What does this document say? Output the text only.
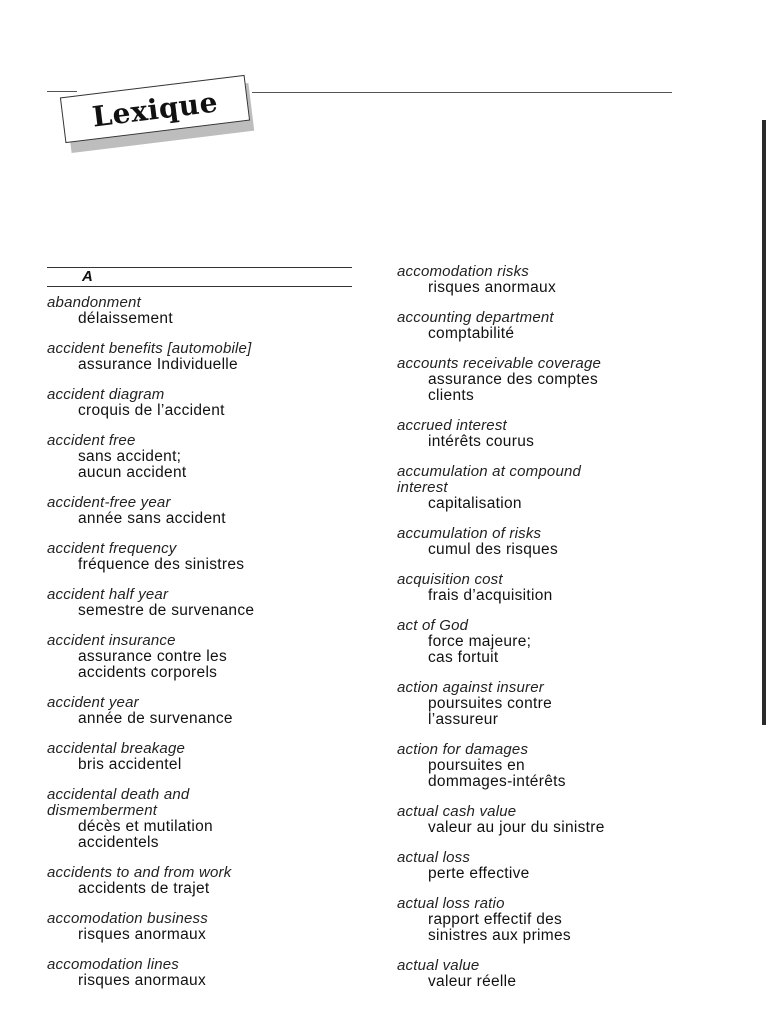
Lexique
A
abandonment
délaissement
accident benefits [automobile]
assurance Individuelle
accident diagram
croquis de l’accident
accident free
sans accident;
aucun accident
accident-free year
année sans accident
accident frequency
fréquence des sinistres
accident half year
semestre de survenance
accident insurance
assurance contre les
accidents corporels
accident year
année de survenance
accidental breakage
bris accidentel
accidental death and
dismemberment
décès et mutilation
accidentels
accidents to and from work
accidents de trajet
accomodation business
risques anormaux
accomodation lines
risques anormaux
accomodation risks
risques anormaux
accounting department
comptabilité
accounts receivable coverage
assurance des comptes
clients
accrued interest
intérêts courus
accumulation at compound
interest
capitalisation
accumulation of risks
cumul des risques
acquisition cost
frais d’acquisition
act of God
force majeure;
cas fortuit
action against insurer
poursuites contre
l’assureur
action for damages
poursuites en
dommages-intérêts
actual cash value
valeur au jour du sinistre
actual loss
perte effective
actual loss ratio
rapport effectif des
sinistres aux primes
actual value
valeur réelle
